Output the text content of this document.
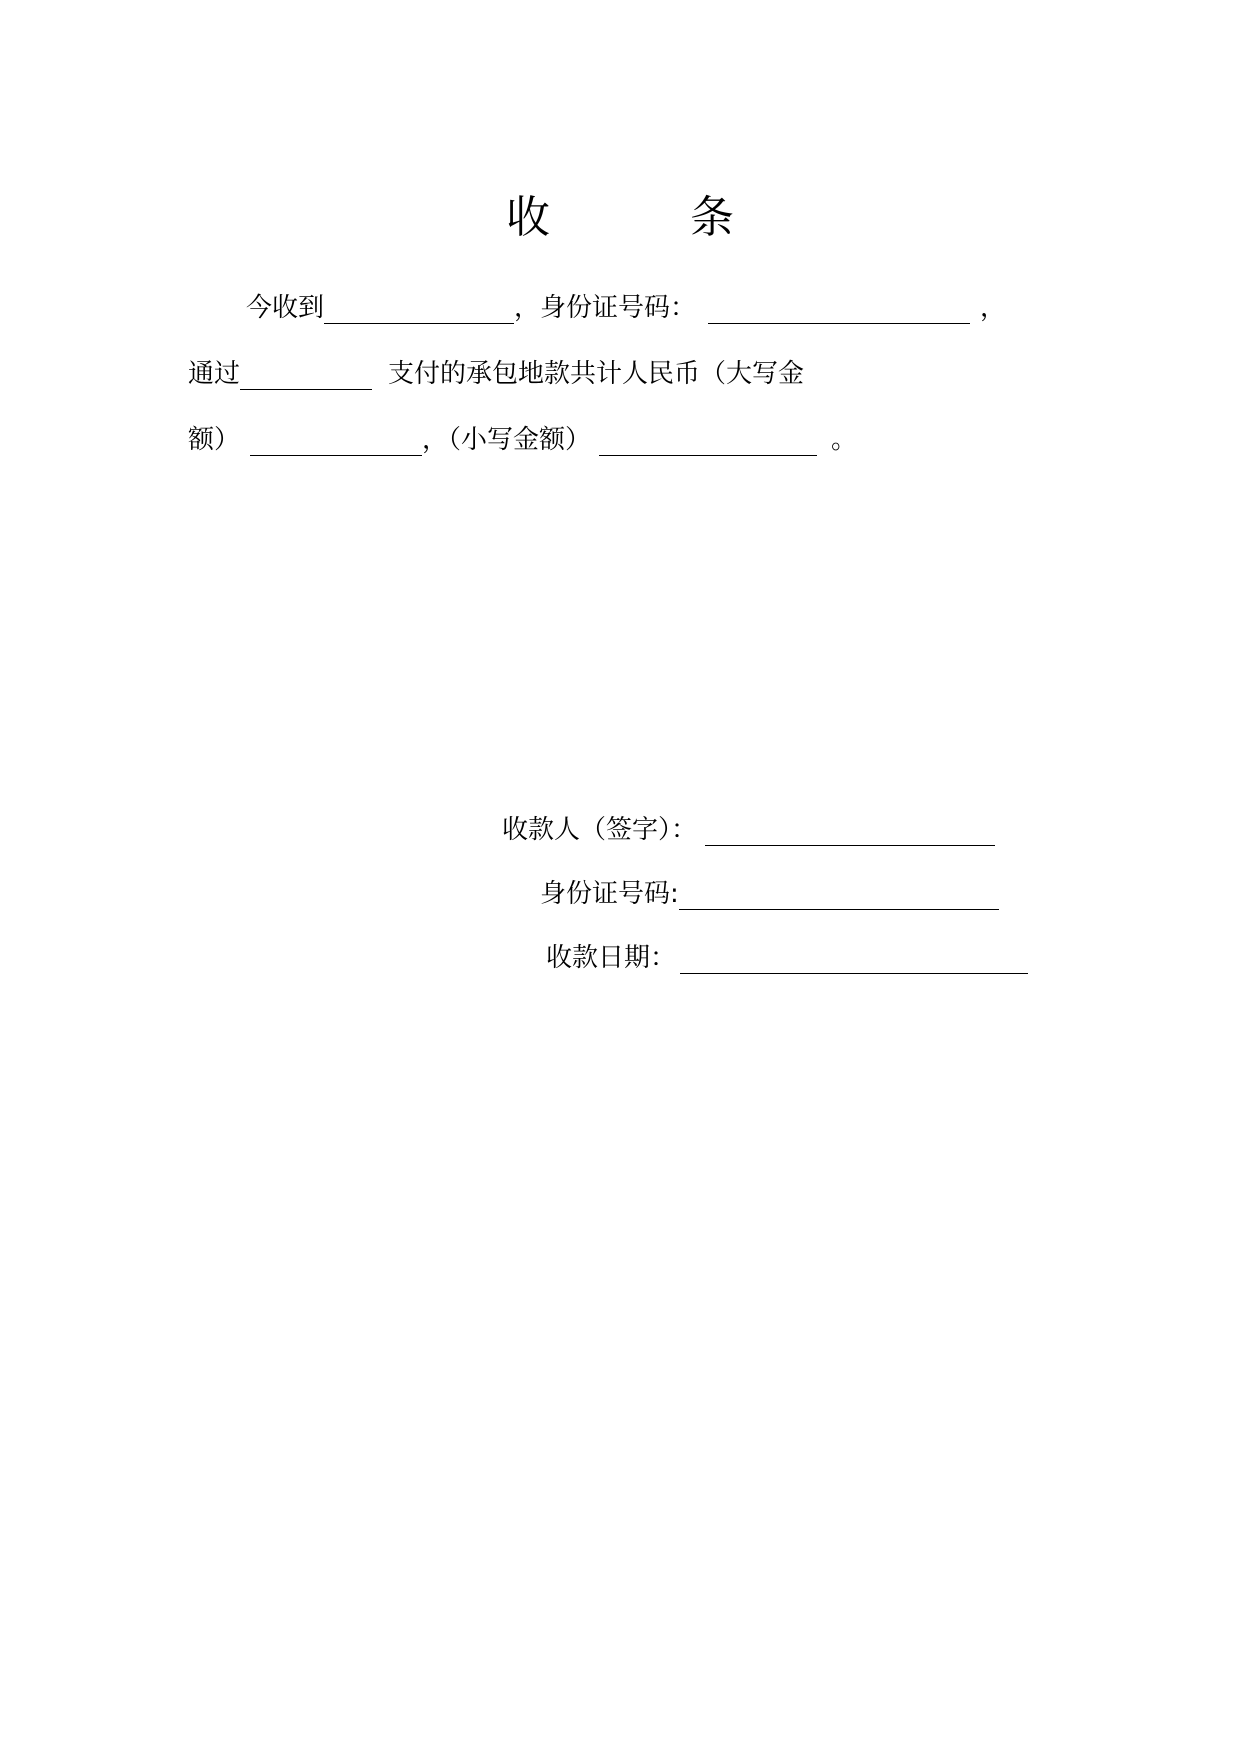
收　条
今收到	，身份证号码：	，
通过	支付的承包地款共计人民币（大写金
额）	，（小写金额）	。
收款人（签字）：
身份证号码:
收款日期：
